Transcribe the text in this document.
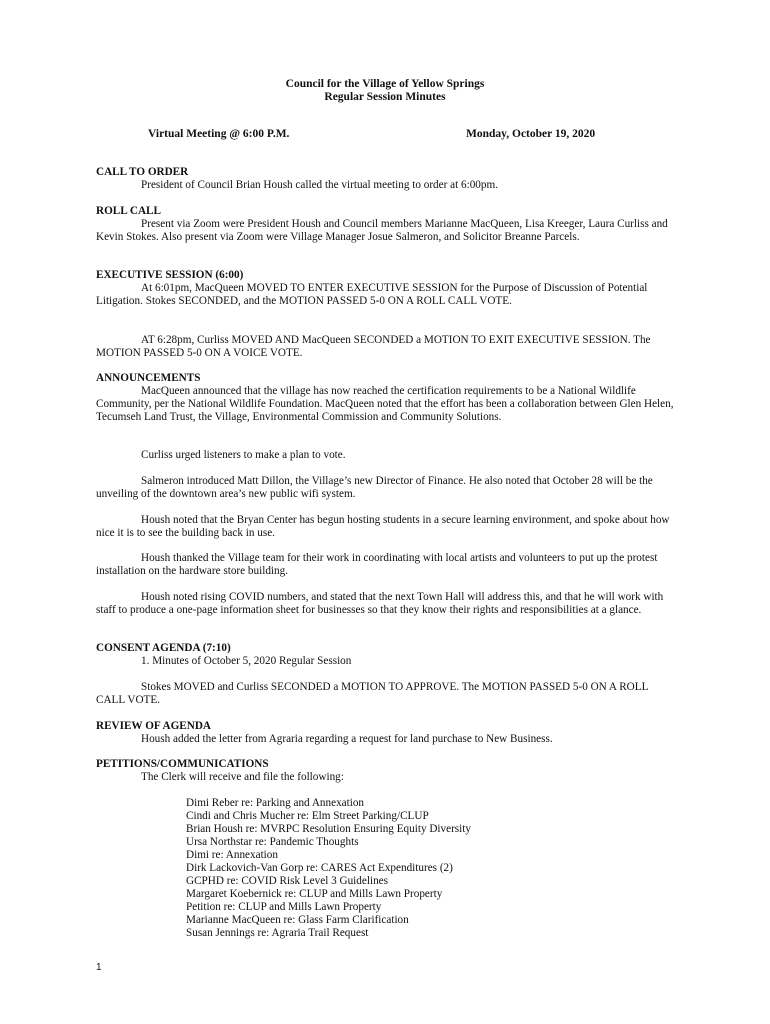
Council for the Village of Yellow Springs
Regular Session Minutes
Virtual Meeting @ 6:00 P.M.	Monday, October 19, 2020
CALL TO ORDER
President of Council Brian Housh called the virtual meeting to order at 6:00pm.
ROLL CALL
Present via Zoom were President Housh and Council members Marianne MacQueen, Lisa Kreeger, Laura Curliss and Kevin Stokes. Also present via Zoom were Village Manager Josue Salmeron, and Solicitor Breanne Parcels.
EXECUTIVE SESSION (6:00)
At 6:01pm, MacQueen MOVED TO ENTER EXECUTIVE SESSION for the Purpose of Discussion of Potential Litigation. Stokes SECONDED, and the MOTION PASSED 5-0 ON A ROLL CALL VOTE.
AT 6:28pm, Curliss MOVED AND MacQueen SECONDED a MOTION TO EXIT EXECUTIVE SESSION. The MOTION PASSED 5-0 ON A VOICE VOTE.
ANNOUNCEMENTS
MacQueen announced that the village has now reached the certification requirements to be a National Wildlife Community, per the National Wildlife Foundation. MacQueen noted that the effort has been a collaboration between Glen Helen, Tecumseh Land Trust, the Village, Environmental Commission and Community Solutions.
Curliss urged listeners to make a plan to vote.
Salmeron introduced Matt Dillon, the Village’s new Director of Finance. He also noted that October 28 will be the unveiling of the downtown area’s new public wifi system.
Housh noted that the Bryan Center has begun hosting students in a secure learning environment, and spoke about how nice it is to see the building back in use.
Housh thanked the Village team for their work in coordinating with local artists and volunteers to put up the protest installation on the hardware store building.
Housh noted rising COVID numbers, and stated that the next Town Hall will address this, and that he will work with staff to produce a one-page information sheet for businesses so that they know their rights and responsibilities at a glance.
CONSENT AGENDA (7:10)
1. Minutes of October 5, 2020 Regular Session
Stokes MOVED and Curliss SECONDED a MOTION TO APPROVE. The MOTION PASSED 5-0 ON A ROLL CALL VOTE.
REVIEW OF AGENDA
Housh added the letter from Agraria regarding a request for land purchase to New Business.
PETITIONS/COMMUNICATIONS
The Clerk will receive and file the following:
Dimi Reber re: Parking and Annexation
Cindi and Chris Mucher re: Elm Street Parking/CLUP
Brian Housh re: MVRPC Resolution Ensuring Equity Diversity
Ursa Northstar re: Pandemic Thoughts
Dimi re: Annexation
Dirk Lackovich-Van Gorp re: CARES Act Expenditures (2)
GCPHD re: COVID Risk Level 3 Guidelines
Margaret Koebernick re: CLUP and Mills Lawn Property
Petition re: CLUP and Mills Lawn Property
Marianne MacQueen re: Glass Farm Clarification
Susan Jennings re: Agraria Trail Request
1
